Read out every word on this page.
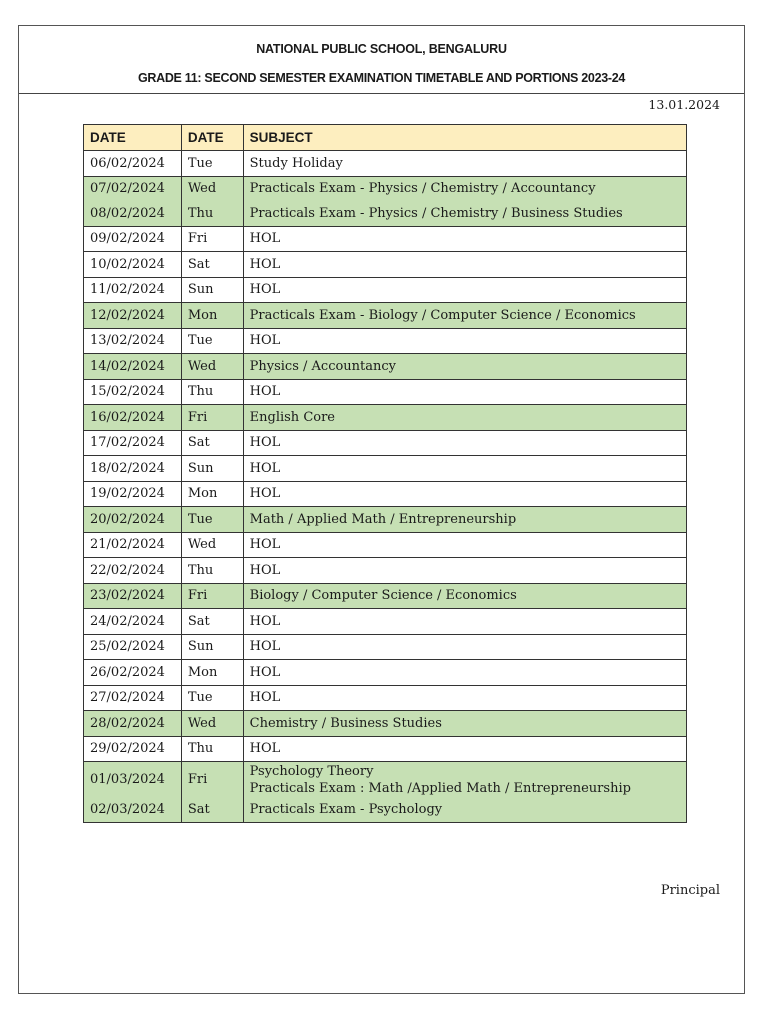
NATIONAL PUBLIC SCHOOL, BENGALURU
GRADE 11: SECOND SEMESTER EXAMINATION TIMETABLE AND PORTIONS 2023-24
13.01.2024
DATE	DATE	SUBJECT
06/02/2024	Tue	Study Holiday
07/02/2024	Wed	Practicals Exam - Physics / Chemistry / Accountancy
08/02/2024	Thu	Practicals Exam - Physics / Chemistry / Business Studies
09/02/2024	Fri	HOL
10/02/2024	Sat	HOL
11/02/2024	Sun	HOL
12/02/2024	Mon	Practicals Exam - Biology / Computer Science / Economics
13/02/2024	Tue	HOL
14/02/2024	Wed	Physics / Accountancy
15/02/2024	Thu	HOL
16/02/2024	Fri	English Core
17/02/2024	Sat	HOL
18/02/2024	Sun	HOL
19/02/2024	Mon	HOL
20/02/2024	Tue	Math / Applied Math / Entrepreneurship
21/02/2024	Wed	HOL
22/02/2024	Thu	HOL
23/02/2024	Fri	Biology / Computer Science / Economics
24/02/2024	Sat	HOL
25/02/2024	Sun	HOL
26/02/2024	Mon	HOL
27/02/2024	Tue	HOL
28/02/2024	Wed	Chemistry / Business Studies
29/02/2024	Thu	HOL
01/03/2024	Fri	Psychology Theory
Practicals Exam : Math /Applied Math / Entrepreneurship

02/03/2024	Sat	Practicals Exam - Psychology
Principal
